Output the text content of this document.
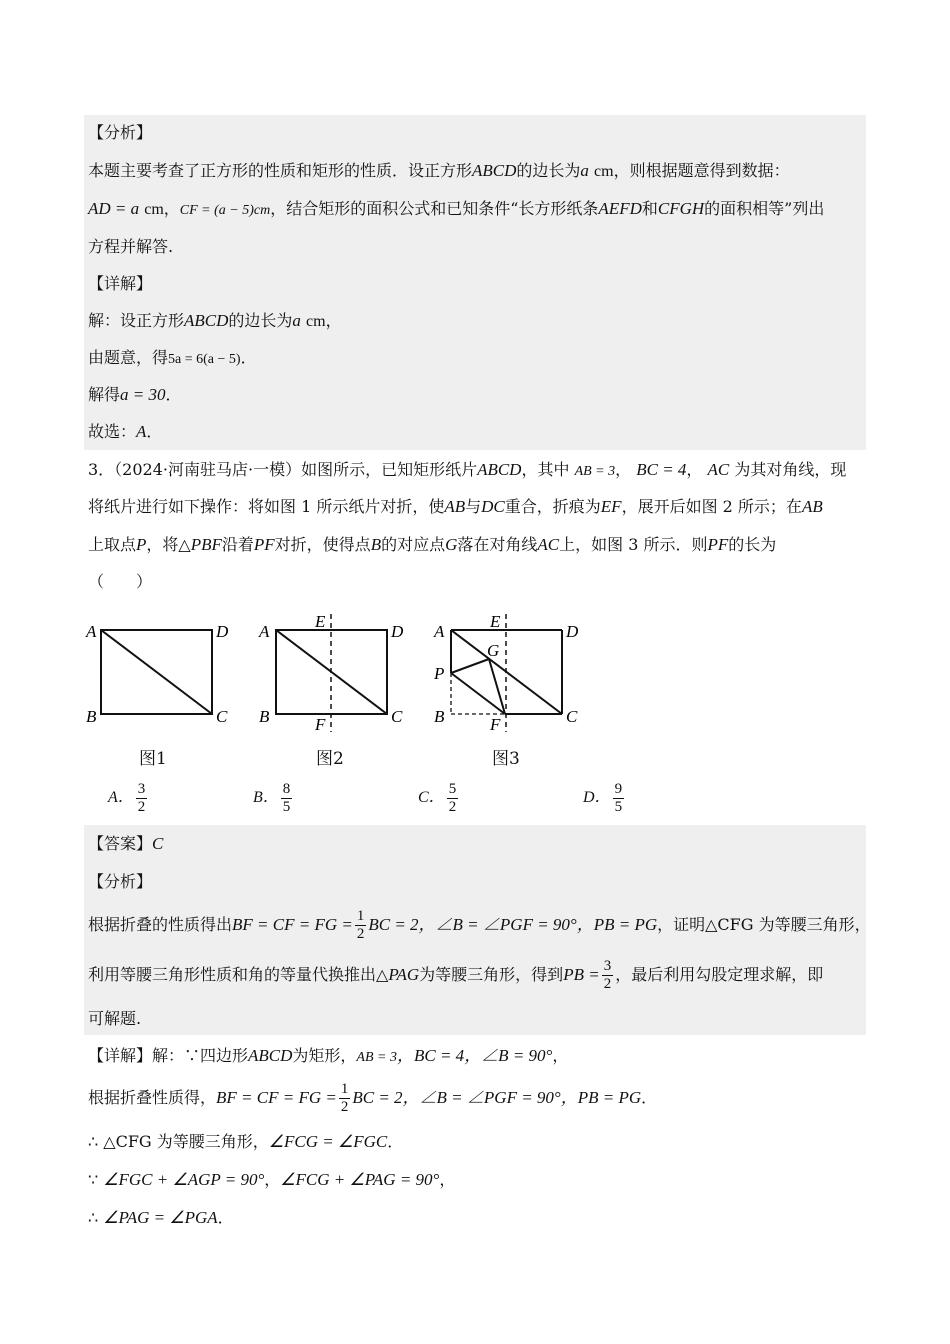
【分析】
本题主要考查了正方形的性质和矩形的性质．设正方形ABCD的边长为a cm，则根据题意得到数据：
AD = a cm，CF = (a − 5)cm，结合矩形的面积公式和已知条件“长方形纸条AEFD和CFGH的面积相等”列出
方程并解答.
【详解】
解：设正方形ABCD的边长为a cm，
由题意，得5a = 6(a − 5)．
解得a = 30．
故选：A．
3．（2024·河南驻马店·一模）如图所示，已知矩形纸片ABCD，其中 AB = 3， BC = 4， AC 为其对角线，现
将纸片进行如下操作：将如图 1 所示纸片对折，使AB与DC重合，折痕为EF，展开后如图 2 所示；在AB
上取点P，将△PBF沿着PF对折，使得点B的对应点G落在对角线AC上，如图 3 所示．则PF的长为
（　　）
A	D
B	C
A
E
D
B	F	C
A
E
D
G
P
B	F	C
图1	图2	图3
A． $\frac{3}{2}$	B． $\frac{8}{5}$	C． $\frac{5}{2}$	D． $\frac{9}{5}$
【答案】C
【分析】
根据折叠的性质得出BF = CF = FG = $\frac{1}{2}$ BC = 2，∠B = ∠PGF = 90°，PB = PG，证明△CFG 为等腰三角形，
利用等腰三角形性质和角的等量代换推出△PAG为等腰三角形，得到PB = $\frac{3}{2}$ ，最后利用勾股定理求解，即
可解题.
【详解】解：∵四边形ABCD为矩形，AB = 3，BC = 4，∠B = 90°，
根据折叠性质得，BF = CF = FG = $\frac{1}{2}$ BC = 2，∠B = ∠PGF = 90°，PB = PG．
∴ △CFG 为等腰三角形，∠FCG = ∠FGC．
∵ ∠FGC + ∠AGP = 90°，∠FCG + ∠PAG = 90°，
∴ ∠PAG = ∠PGA．
